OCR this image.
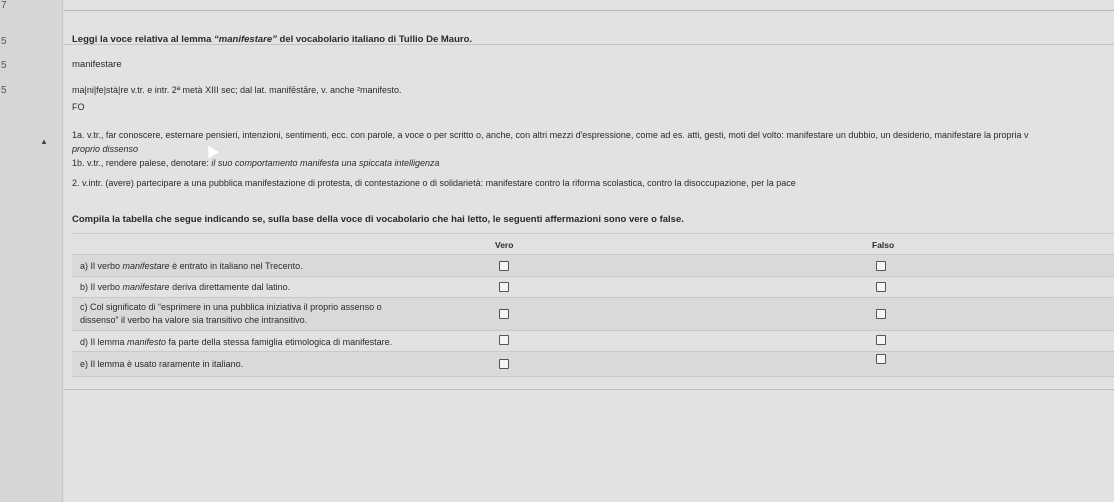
7
5
5
5
▲
Leggi la voce relativa al lemma “manifestare” del vocabolario italiano di Tullio De Mauro.
manifestare
ma|ni|fe|stà|re v.tr. e intr. 2ª metà XIII sec; dal lat. manifēstāre, v. anche ²manifesto.
FO
1a. v.tr., far conoscere, esternare pensieri, intenzioni, sentimenti, ecc. con parole, a voce o per scritto o, anche, con altri mezzi d'espressione, come ad es. atti, gesti, moti del volto: manifestare un dubbio, un desiderio, manifestare la propria v
proprio dissenso
1b. v.tr., rendere palese, denotare: il suo comportamento manifesta una spiccata intelligenza
2. v.intr. (avere) partecipare a una pubblica manifestazione di protesta, di contestazione o di solidarietà: manifestare contro la riforma scolastica, contro la disoccupazione, per la pace
Compila la tabella che segue indicando se, sulla base della voce di vocabolario che hai letto, le seguenti affermazioni sono vere o false.
Vero	Falso
a) Il verbo manifestare è entrato in italiano nel Trecento.
b) Il verbo manifestare deriva direttamente dal latino.
c) Col significato di “esprimere in una pubblica iniziativa il proprio assenso o
dissenso” il verbo ha valore sia transitivo che intransitivo.
d) Il lemma manifesto fa parte della stessa famiglia etimologica di manifestare.
e) Il lemma è usato raramente in italiano.
